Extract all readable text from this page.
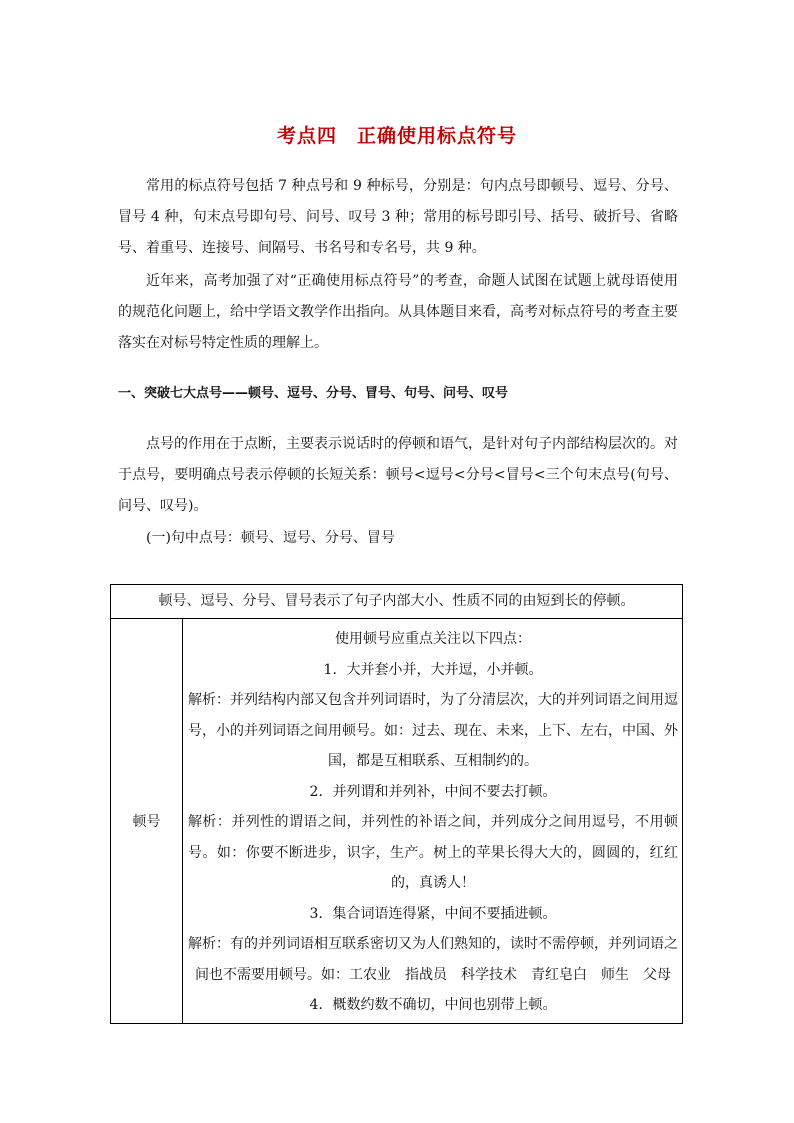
考点四　正确使用标点符号

常用的标点符号包括 7 种点号和 9 种标号，分别是：句内点号即顿号、逗号、分号、冒号 4 种，句末点号即句号、问号、叹号 3 种；常用的标号即引号、括号、破折号、省略号、着重号、连接号、间隔号、书名号和专名号，共 9 种。

近年来，高考加强了对“正确使用标点符号”的考查，命题人试图在试题上就母语使用的规范化问题上，给中学语文教学作出指向。从具体题目来看，高考对标点符号的考查主要落实在对标号特定性质的理解上。

一、突破七大点号——顿号、逗号、分号、冒号、句号、问号、叹号

点号的作用在于点断，主要表示说话时的停顿和语气，是针对句子内部结构层次的。对于点号，要明确点号表示停顿的长短关系：顿号<逗号<分号<冒号<三个句末点号(句号、问号、叹号)。

(一)句中点号：顿号、逗号、分号、冒号
顿号、逗号、分号、冒号表示了句子内部大小、性质不同的由短到长的停顿。
顿号
使用顿号应重点关注以下四点：
1．大并套小并，大并逗，小并顿。
解析：并列结构内部又包含并列词语时，为了分清层次，大的并列词语之间用逗号，小的并列词语之间用顿号。如：过去、现在、未来，上下、左右，中国、外国，都是互相联系、互相制约的。
2．并列谓和并列补，中间不要去打顿。
解析：并列性的谓语之间，并列性的补语之间，并列成分之间用逗号，不用顿号。如：你要不断进步，识字，生产。树上的苹果长得大大的，圆圆的，红红的，真诱人！
3．集合词语连得紧，中间不要插进顿。
解析：有的并列词语相互联系密切又为人们熟知的，读时不需停顿，并列词语之间也不需要用顿号。如：工农业　指战员　科学技术　青红皂白　师生　父母
4．概数约数不确切，中间也别带上顿。
